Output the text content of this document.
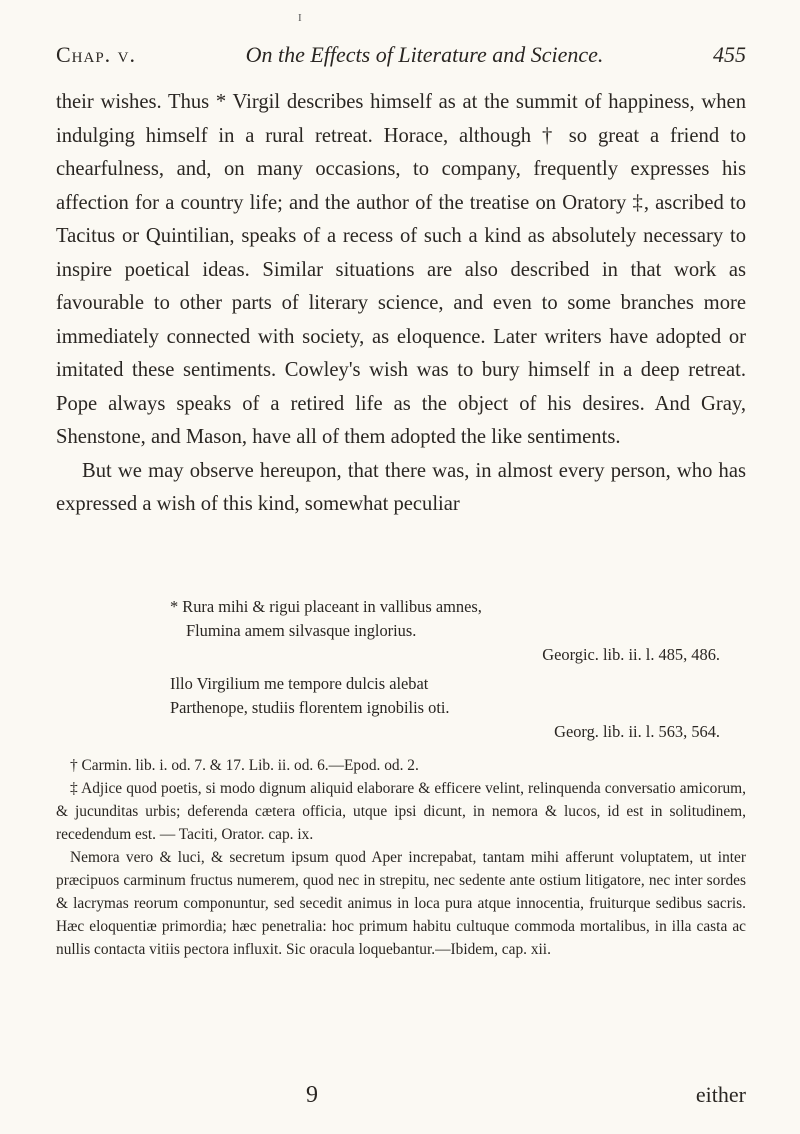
I
Chap. v.	On the Effects of Literature and Science.	455

their wishes. Thus * Virgil describes himself as at the summit of happiness, when indulging himself in a rural retreat. Horace, although † so great a friend to chearfulness, and, on many occasions, to company, frequently expresses his affection for a country life; and the author of the treatise on Oratory ‡, ascribed to Tacitus or Quintilian, speaks of a recess of such a kind as absolutely necessary to inspire poetical ideas. Similar situations are also described in that work as favourable to other parts of literary science, and even to some branches more immediately connected with society, as eloquence. Later writers have adopted or imitated these sentiments. Cowley's wish was to bury himself in a deep retreat. Pope always speaks of a retired life as the object of his desires. And Gray, Shenstone, and Mason, have all of them adopted the like sentiments.

But we may observe hereupon, that there was, in almost every person, who has expressed a wish of this kind, somewhat peculiar

* Rura mihi & rigui placeant in vallibus amnes,
Flumina amem silvasque inglorius.
Georgic. lib. ii. l. 485, 486.
Illo Virgilium me tempore dulcis alebat
Parthenope, studiis florentem ignobilis oti.
Georg. lib. ii. l. 563, 564.

† Carmin. lib. i. od. 7. & 17. Lib. ii. od. 6.—Epod. od. 2.

‡ Adjice quod poetis, si modo dignum aliquid elaborare & efficere velint, relinquenda conversatio amicorum, & jucunditas urbis; deferenda cætera officia, utque ipsi dicunt, in nemora & lucos, id est in solitudinem, recedendum est. — Taciti, Orator. cap. ix.

Nemora vero & luci, & secretum ipsum quod Aper increpabat, tantam mihi afferunt voluptatem, ut inter præcipuos carminum fructus numerem, quod nec in strepitu, nec sedente ante ostium litigatore, nec inter sordes & lacrymas reorum componuntur, sed secedit animus in loca pura atque innocentia, fruiturque sedibus sacris. Hæc eloquentiæ primordia; hæc penetralia: hoc primum habitu cultuque commoda mortalibus, in illa casta ac nullis contacta vitiis pectora influxit. Sic oracula loquebantur.—Ibidem, cap. xii.

9	either
